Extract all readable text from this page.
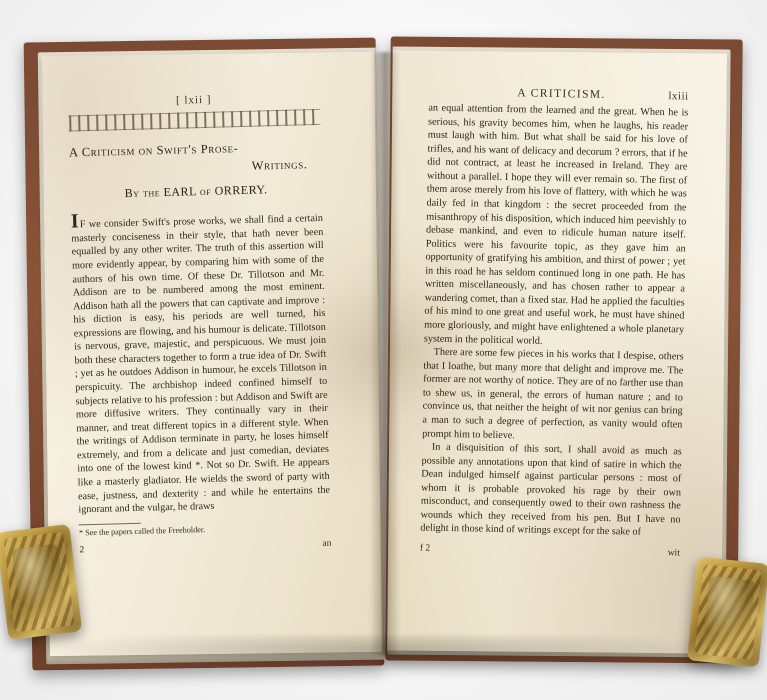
[ lxii ]
A Criticism on Swift's Prose-
Writings.
By the EARL of ORRERY.

IF we consider Swift's prose works, we shall find a certain masterly conciseness in their style, that hath never been equalled by any other writer. The truth of this assertion will more evidently appear, by comparing him with some of the authors of his own time. Of these Dr. Tillotson and Mr. Addison are to be numbered among the most eminent. Addison hath all the powers that can captivate and improve : his diction is easy, his periods are well turned, his expressions are flowing, and his humour is delicate. Tillotson is nervous, grave, majestic, and perspicuous. We must join both these characters together to form a true idea of Dr. Swift ; yet as he outdoes Addison in humour, he excels Tillotson in perspicuity. The archbishop indeed confined himself to subjects relative to his profession : but Addison and Swift are more diffusive writers. They continually vary in their manner, and treat different topics in a different style. When the writings of Addison terminate in party, he loses himself extremely, and from a delicate and just comedian, deviates into one of the lowest kind *. Not so Dr. Swift. He appears like a masterly gladiator. He wields the sword of party with ease, justness, and dexterity : and while he entertains the ignorant and the vulgar, he draws

* See the papers called the Freeholder.
2
an
A CRITICISM.	lxiii

an equal attention from the learned and the great. When he is serious, his gravity becomes him, when he laughs, his reader must laugh with him. But what shall be said for his love of trifles, and his want of delicacy and decorum ? errors, that if he did not contract, at least he increased in Ireland. They are without a parallel. I hope they will ever remain so. The first of them arose merely from his love of flattery, with which he was daily fed in that kingdom : the secret proceeded from the misanthropy of his disposition, which induced him peevishly to debase mankind, and even to ridicule human nature itself. Politics were his favourite topic, as they gave him an opportunity of gratifying his ambition, and thirst of power ; yet in this road he has seldom continued long in one path. He has written miscellaneously, and has chosen rather to appear a wandering comet, than a fixed star. Had he applied the faculties of his mind to one great and useful work, he must have shined more gloriously, and might have enlightened a whole planetary system in the political world.

There are some few pieces in his works that I despise, others that I loathe, but many more that delight and improve me. The former are not worthy of notice. They are of no farther use than to shew us, in general, the errors of human nature ; and to convince us, that neither the height of wit nor genius can bring a man to such a degree of perfection, as vanity would often prompt him to believe.

In a disquisition of this sort, I shall avoid as much as possible any annotations upon that kind of satire in which the Dean indulged himself against particular persons : most of whom it is probable provoked his rage by their own misconduct, and consequently owed to their own rashness the wounds which they received from his pen. But I have no delight in those kind of writings except for the sake of

f 2	wit
